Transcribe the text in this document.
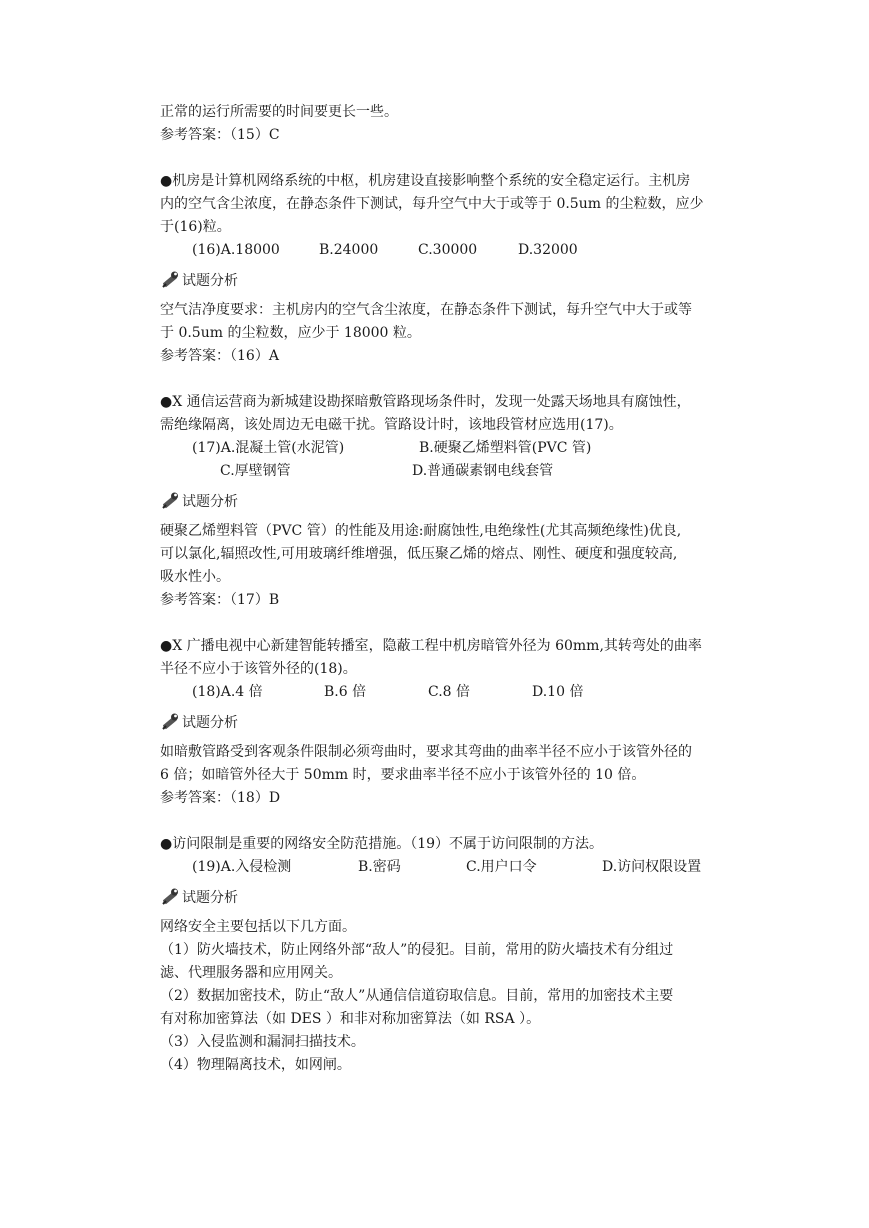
正常的运行所需要的时间要更长一些。
参考答案：（15）C
●机房是计算机网络系统的中枢，机房建设直接影响整个系统的安全稳定运行。主机房
内的空气含尘浓度，在静态条件下测试，每升空气中大于或等于 0.5um 的尘粒数，应少
于(16)粒。
(16)A.18000	B.24000	C.30000	D.32000
试题分析
空气洁净度要求：主机房内的空气含尘浓度，在静态条件下测试，每升空气中大于或等
于 0.5um 的尘粒数，应少于 18000 粒。
参考答案：（16）A
●X 通信运营商为新城建设勘探暗敷管路现场条件时，发现一处露天场地具有腐蚀性，
需绝缘隔离，该处周边无电磁干扰。管路设计时，该地段管材应选用(17)。
(17)A.混凝土管(水泥管)	B.硬聚乙烯塑料管(PVC 管)
C.厚壁钢管	D.普通碳素钢电线套管
试题分析
硬聚乙烯塑料管（PVC 管）的性能及用途:耐腐蚀性,电绝缘性(尤其高频绝缘性)优良,
可以氯化,辐照改性,可用玻璃纤维增强，低压聚乙烯的熔点、刚性、硬度和强度较高,
吸水性小。
参考答案：（17）B
●X 广播电视中心新建智能转播室，隐蔽工程中机房暗管外径为 60mm,其转弯处的曲率
半径不应小于该管外径的(18)。
(18)A.4 倍	B.6 倍	C.8 倍	D.10 倍
试题分析
如暗敷管路受到客观条件限制必须弯曲时，要求其弯曲的曲率半径不应小于该管外径的
6 倍；如暗管外径大于 50mm 时，要求曲率半径不应小于该管外径的 10 倍。
参考答案：（18）D
●访问限制是重要的网络安全防范措施。（19）不属于访问限制的方法。
(19)A.入侵检测	B.密码	C.用户口令	D.访问权限设置
试题分析
网络安全主要包括以下几方面。
（1）防火墙技术，防止网络外部“敌人”的侵犯。目前，常用的防火墙技术有分组过
滤、代理服务器和应用网关。
（2）数据加密技术，防止“敌人”从通信信道窃取信息。目前，常用的加密技术主要
有对称加密算法（如 DES ）和非对称加密算法（如 RSA ）。
（3）入侵监测和漏洞扫描技术。
（4）物理隔离技术，如网闸。
